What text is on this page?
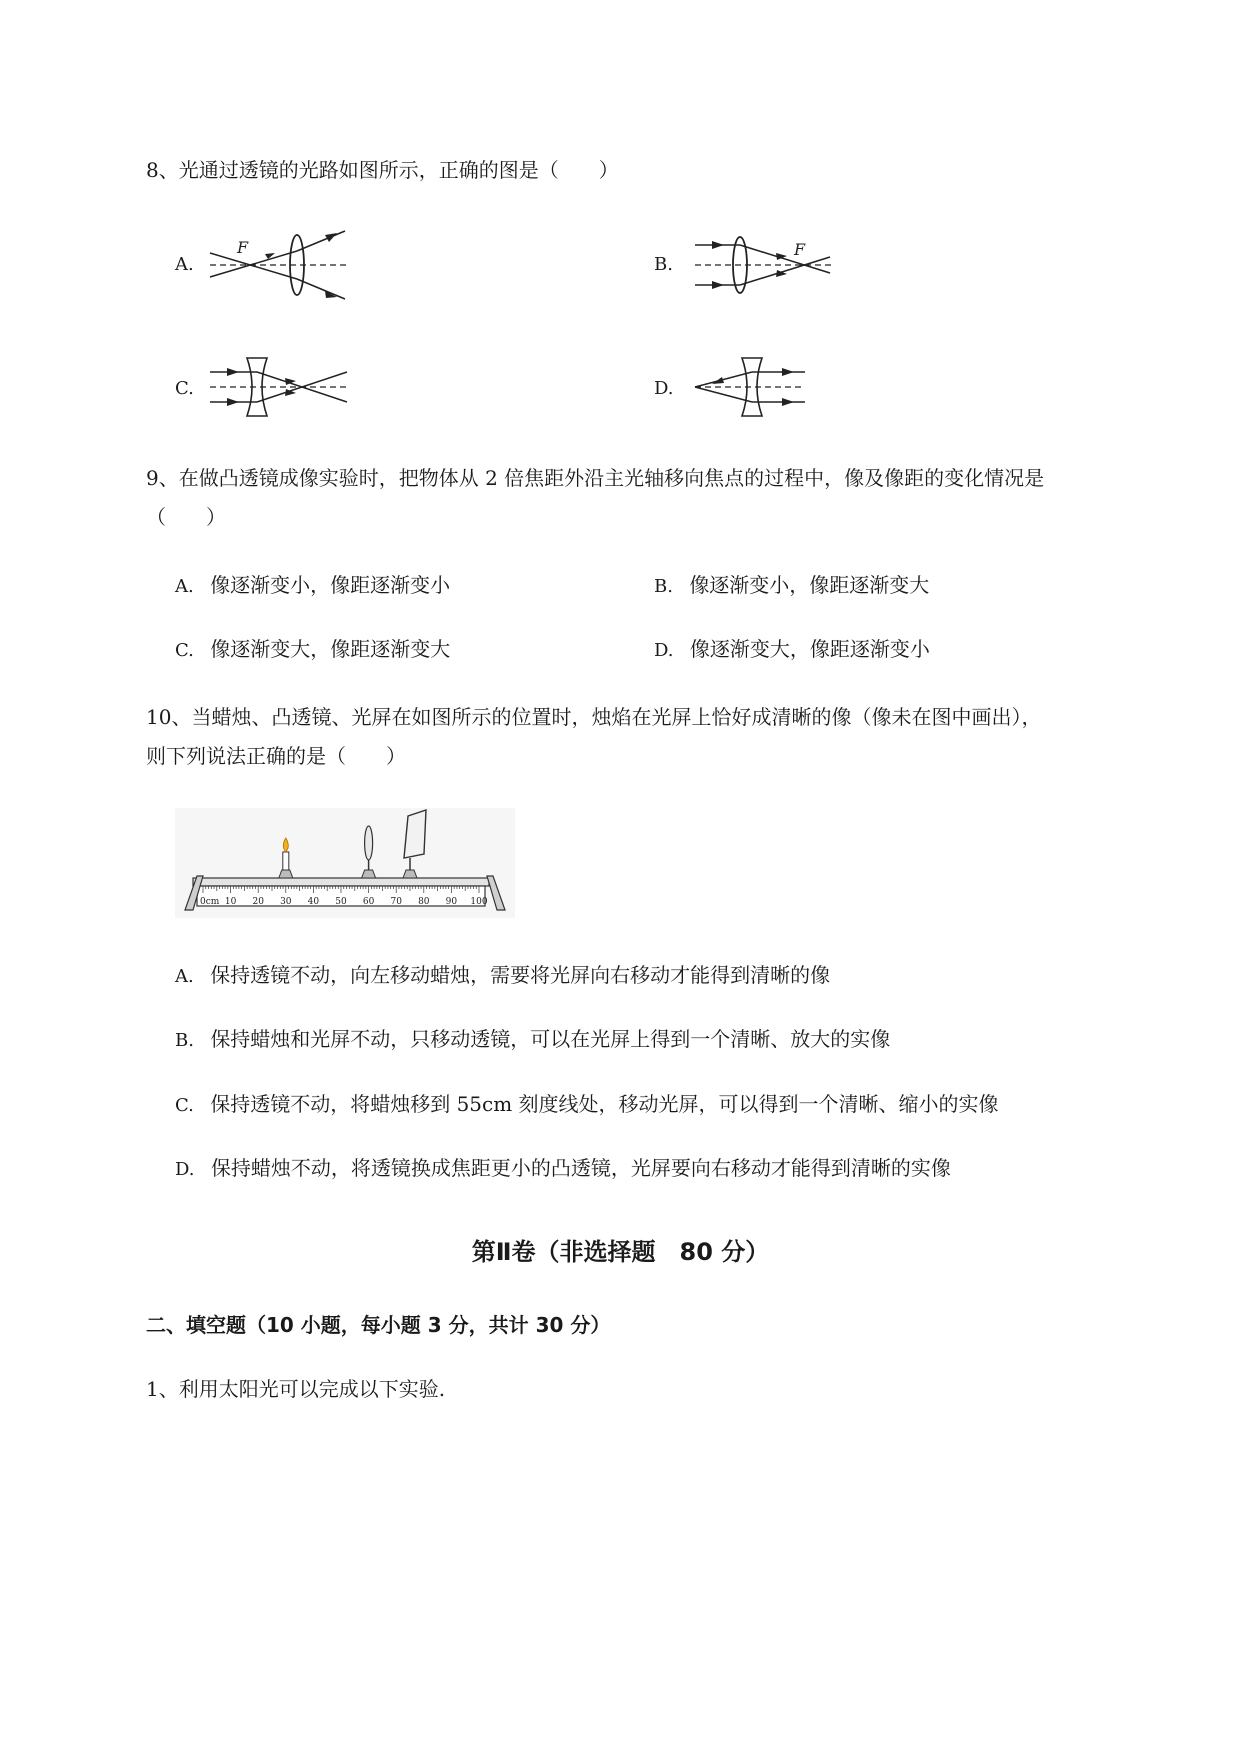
8、光通过透镜的光路如图所示，正确的图是（　　）
A.
F
B.
F
C.	D.
9、在做凸透镜成像实验时，把物体从 2 倍焦距外沿主光轴移向焦点的过程中，像及像距的变化情况是
（　　）
A. 像逐渐变小，像距逐渐变小	B. 像逐渐变小，像距逐渐变大
C. 像逐渐变大，像距逐渐变大	D. 像逐渐变大，像距逐渐变小
10、当蜡烛、凸透镜、光屏在如图所示的位置时，烛焰在光屏上恰好成清晰的像（像未在图中画出），
则下列说法正确的是（　　）
0cm 10 20 30 40 50 60 70 80 90 100
A. 保持透镜不动，向左移动蜡烛，需要将光屏向右移动才能得到清晰的像
B. 保持蜡烛和光屏不动，只移动透镜，可以在光屏上得到一个清晰、放大的实像
C. 保持透镜不动，将蜡烛移到 55cm 刻度线处，移动光屏，可以得到一个清晰、缩小的实像
D. 保持蜡烛不动，将透镜换成焦距更小的凸透镜，光屏要向右移动才能得到清晰的实像
第Ⅱ卷（非选择题　80 分）
二、填空题（10 小题，每小题 3 分，共计 30 分）
1、利用太阳光可以完成以下实验.
